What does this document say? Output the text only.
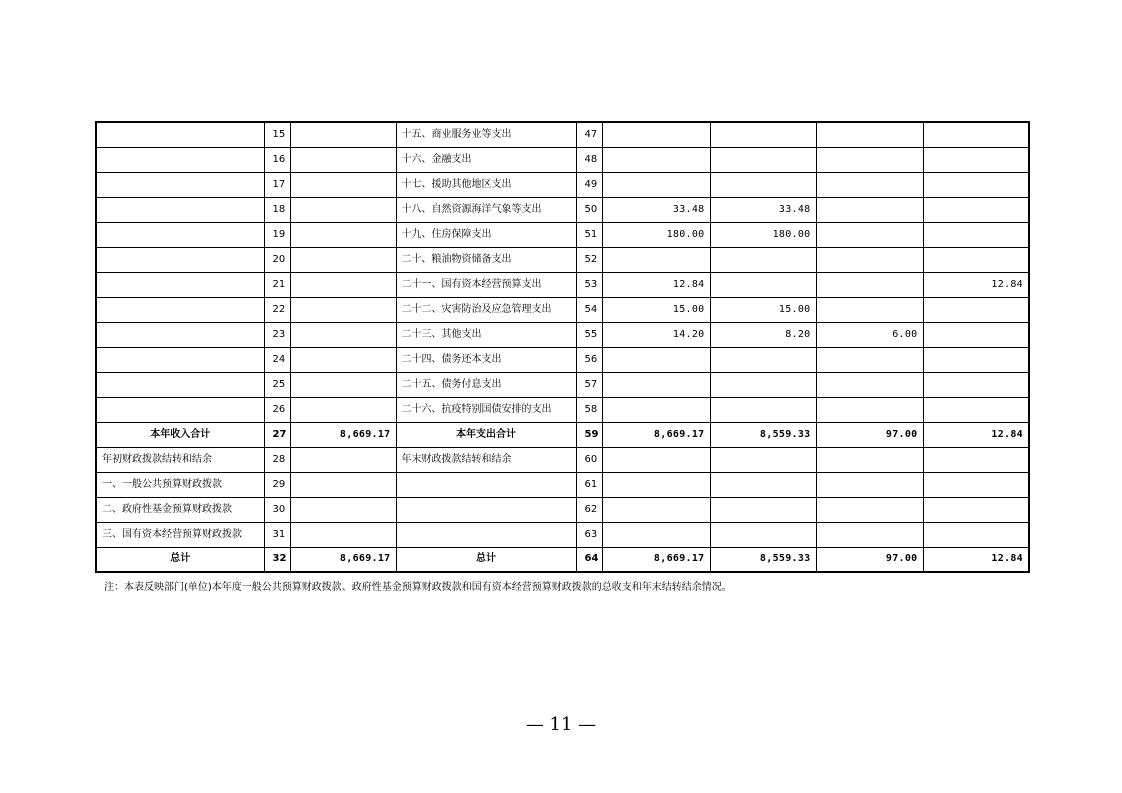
	15		十五、商业服务业等支出	47				
	16		十六、金融支出	48				
	17		十七、援助其他地区支出	49				
	18		十八、自然资源海洋气象等支出	50	33.48	33.48		
	19		十九、住房保障支出	51	180.00	180.00		
	20		二十、粮油物资储备支出	52				
	21		二十一、国有资本经营预算支出	53	12.84			12.84
	22		二十二、灾害防治及应急管理支出	54	15.00	15.00		
	23		二十三、其他支出	55	14.20	8.20	6.00	
	24		二十四、债务还本支出	56				
	25		二十五、债务付息支出	57				
	26		二十六、抗疫特别国债安排的支出	58				
本年收入合计	27	8,669.17	本年支出合计	59	8,669.17	8,559.33	97.00	12.84
年初财政拨款结转和结余	28		年末财政拨款结转和结余	60				
一、一般公共预算财政拨款	29			61				
二、政府性基金预算财政拨款	30			62				
三、国有资本经营预算财政拨款	31			63				
总计	32	8,669.17	总计	64	8,669.17	8,559.33	97.00	12.84
注：本表反映部门(单位)本年度一般公共预算财政拨款、政府性基金预算财政拨款和国有资本经营预算财政拨款的总收支和年末结转结余情况。
— 11 —
